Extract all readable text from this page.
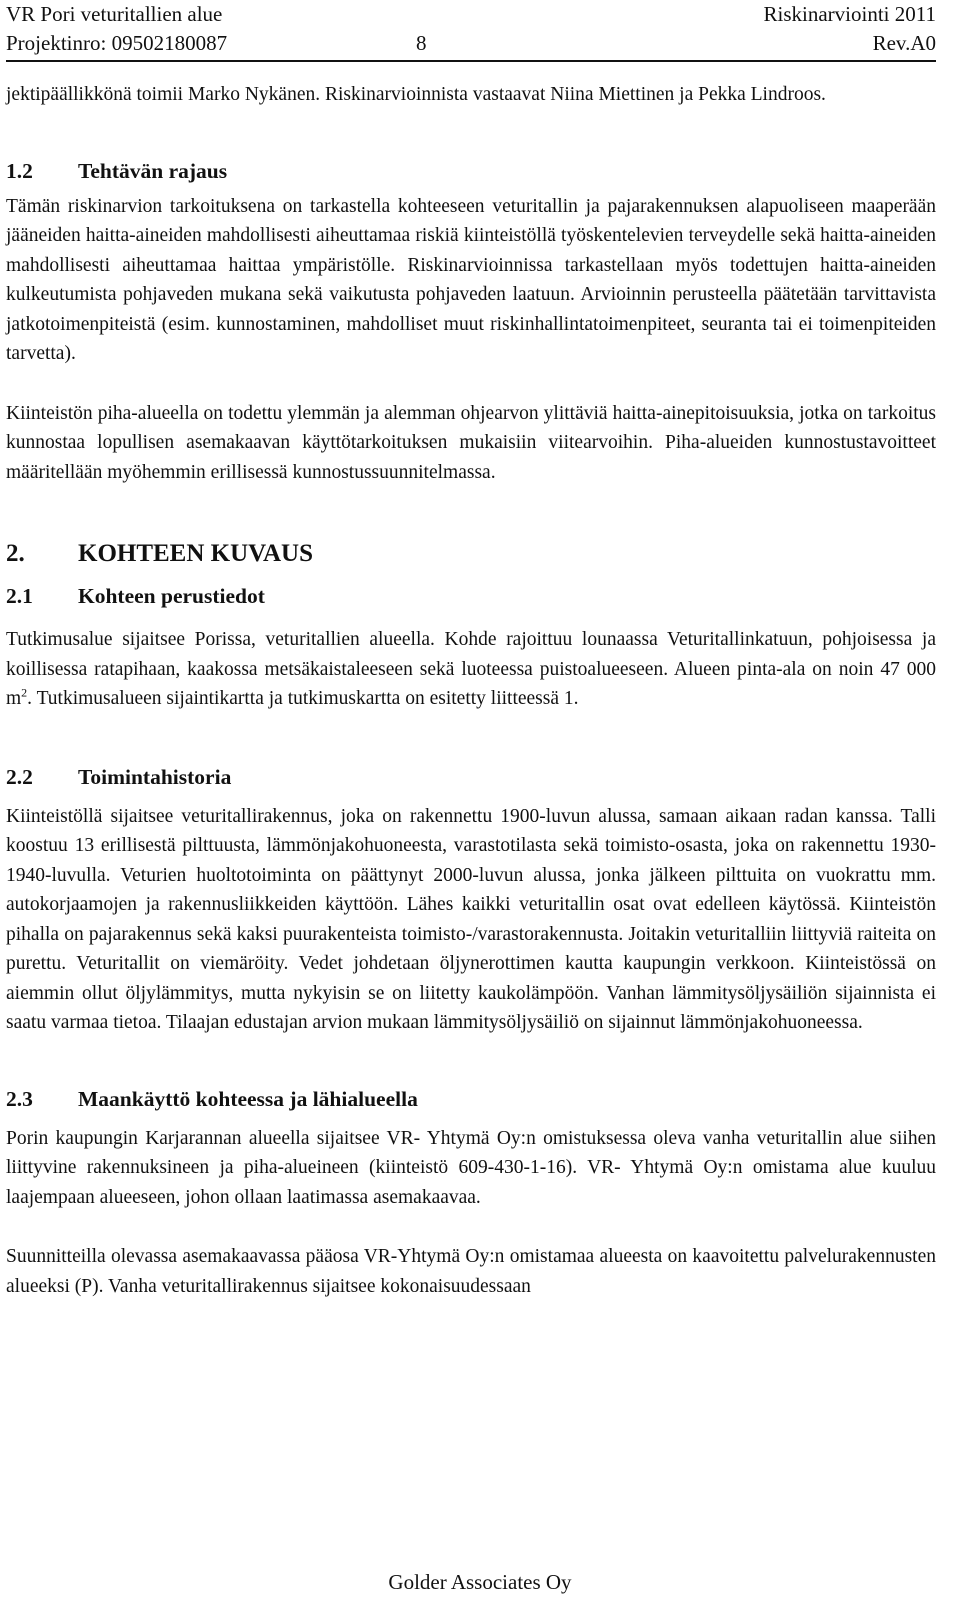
VR Pori veturitallien alue	Riskinarviointi 2011
Projektinro: 09502180087	8	Rev.A0

jektipäällikkönä toimii Marko Nykänen. Riskinarvioinnista vastaavat Niina Miettinen ja Pekka Lindroos.

1.2	Tehtävän rajaus

Tämän riskinarvion tarkoituksena on tarkastella kohteeseen veturitallin ja pajarakennuksen alapuoliseen maaperään jääneiden haitta-aineiden mahdollisesti aiheuttamaa riskiä kiinteistöllä työskentelevien terveydelle sekä haitta-aineiden mahdollisesti aiheuttamaa haittaa ympäristölle. Riskinarvioinnissa tarkastellaan myös todettujen haitta-aineiden kulkeutumista pohjaveden mukana sekä vaikutusta pohjaveden laatuun. Arvioinnin perusteella päätetään tarvittavista jatkotoimenpiteistä (esim. kunnostaminen, mahdolliset muut riskinhallintatoimenpiteet, seuranta tai ei toimenpiteiden tarvetta).

Kiinteistön piha-alueella on todettu ylemmän ja alemman ohjearvon ylittäviä haitta-ainepitoisuuksia, jotka on tarkoitus kunnostaa lopullisen asemakaavan käyttötarkoituksen mukaisiin viitearvoihin. Piha-alueiden kunnostustavoitteet määritellään myöhemmin erillisessä kunnostussuunnitelmassa.

2.	KOHTEEN KUVAUS
2.1	Kohteen perustiedot

Tutkimusalue sijaitsee Porissa, veturitallien alueella. Kohde rajoittuu lounaassa Veturitallinkatuun, pohjoisessa ja koillisessa ratapihaan, kaakossa metsäkaistaleeseen sekä luoteessa puistoalueeseen. Alueen pinta-ala on noin 47 000 $m^2$. Tutkimusalueen sijaintikartta ja tutkimuskartta on esitetty liitteessä 1.

2.2	Toimintahistoria

Kiinteistöllä sijaitsee veturitallirakennus, joka on rakennettu 1900-luvun alussa, samaan aikaan radan kanssa. Talli koostuu 13 erillisestä pilttuusta, lämmönjakohuoneesta, varastotilasta sekä toimisto-osasta, joka on rakennettu 1930-1940-luvulla. Veturien huoltotoiminta on päättynyt 2000-luvun alussa, jonka jälkeen pilttuita on vuokrattu mm. autokorjaamojen ja rakennusliikkeiden käyttöön. Lähes kaikki veturitallin osat ovat edelleen käytössä. Kiinteistön pihalla on pajarakennus sekä kaksi puurakenteista toimisto-/varastorakennusta. Joitakin veturitalliin liittyviä raiteita on purettu. Veturitallit on viemäröity. Vedet johdetaan öljynerottimen kautta kaupungin verkkoon. Kiinteistössä on aiemmin ollut öljylämmitys, mutta nykyisin se on liitetty kaukolämpöön. Vanhan lämmitysöljysäiliön sijainnista ei saatu varmaa tietoa. Tilaajan edustajan arvion mukaan lämmitysöljysäiliö on sijainnut lämmönjakohuoneessa.

2.3	Maankäyttö kohteessa ja lähialueella

Porin kaupungin Karjarannan alueella sijaitsee VR- Yhtymä Oy:n omistuksessa oleva vanha veturitallin alue siihen liittyvine rakennuksineen ja piha-alueineen (kiinteistö 609-430-1-16). VR- Yhtymä Oy:n omistama alue kuuluu laajempaan alueeseen, johon ollaan laatimassa asemakaavaa.

Suunnitteilla olevassa asemakaavassa pääosa VR-Yhtymä Oy:n omistamaa alueesta on kaavoitettu palvelurakennusten alueeksi (P). Vanha veturitallirakennus sijaitsee kokonaisuudessaan

Golder Associates Oy
